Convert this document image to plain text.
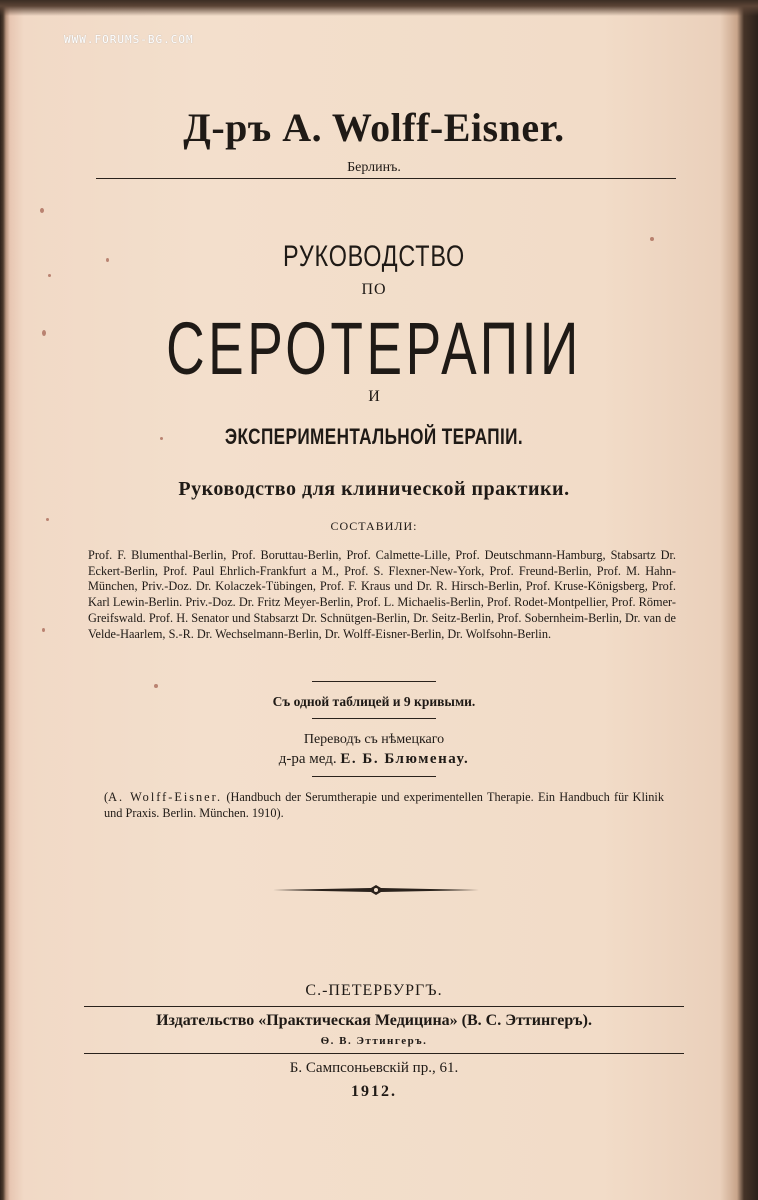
WWW.FORUMS-BG.COM
Д-ръ A. Wolff-Eisner.
Берлинъ.
РУКОВОДСТВО
ПО
СЕРОТЕРАПІИ
И
ЭКСПЕРИМЕНТАЛЬНОЙ ТЕРАПІИ.
Руководство для клинической практики.
СОСТАВИЛИ:
Prof. F. Blumenthal-Berlin, Prof. Boruttau-Berlin, Prof. Calmette-Lille, Prof. Deutschmann-Hamburg, Stabsartz Dr. Eckert-Berlin, Prof. Paul Ehrlich-Frankfurt a M., Prof. S. Flexner-New-York, Prof. Freund-Berlin, Prof. M. Hahn-München, Priv.-Doz. Dr. Kolaczek-Tübingen, Prof. F. Kraus und Dr. R. Hirsch-Berlin, Prof. Kruse-Königsberg, Prof. Karl Lewin-Berlin. Priv.-Doz. Dr. Fritz Meyer-Berlin, Prof. L. Michaelis-Berlin, Prof. Rodet-Montpellier, Prof. Römer-Greifswald. Prof. H. Senator und Stabsarzt Dr. Schnütgen-Berlin, Dr. Seitz-Berlin, Prof. Sobernheim-Berlin, Dr. van de Velde-Haarlem, S.-R. Dr. Wechselmann-Berlin, Dr. Wolff-Eisner-Berlin, Dr. Wolfsohn-Berlin.
Съ одной таблицей и 9 кривыми.
Переводъ съ нѣмецкаго
д-ра мед. Е. Б. Блюменау.
(A. Wolff-Eisner. (Handbuch der Serumtherapie und experimentellen Therapie. Ein Handbuch für Klinik und Praxis. Berlin. München. 1910).
С.-ПЕТЕРБУРГЪ.
Издательство «Практическая Медицина» (В. С. Эттингеръ).
Ѳ. В. Эттингеръ.
Б. Сампсоньевскій пр., 61.
1912.
